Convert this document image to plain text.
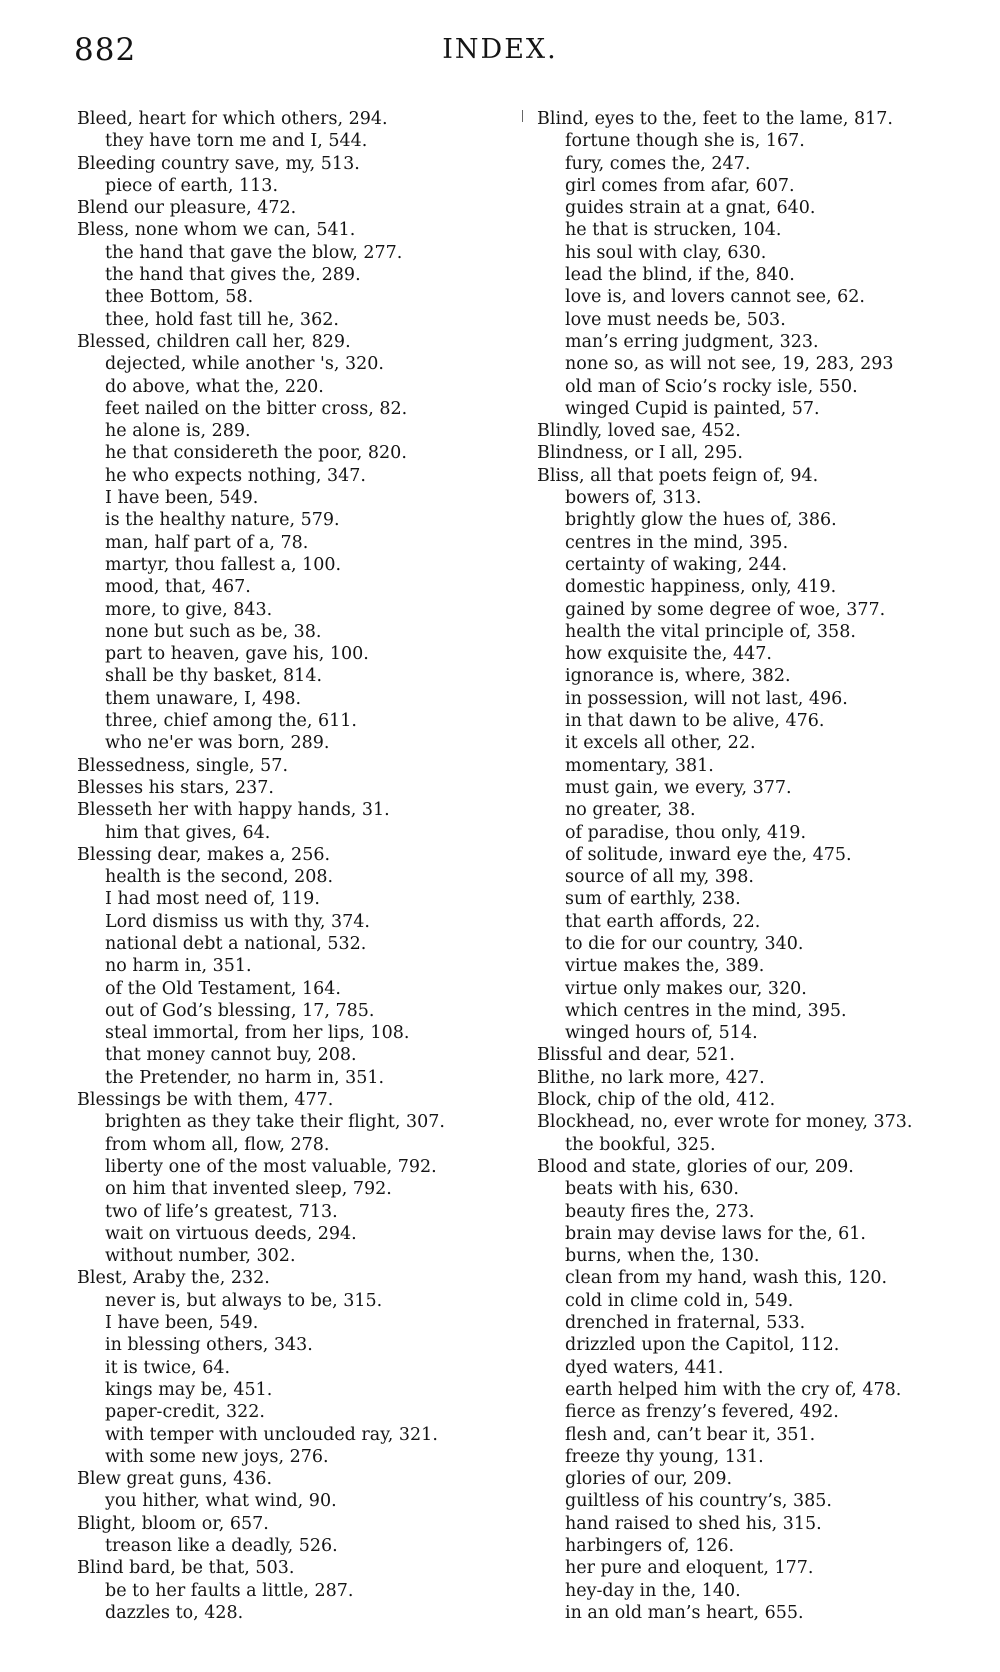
882	INDEX.
Bleed, heart for which others, 294.
they have torn me and I, 544.
Bleeding country save, my, 513.
piece of earth, 113.
Blend our pleasure, 472.
Bless, none whom we can, 541.
the hand that gave the blow, 277.
the hand that gives the, 289.
thee Bottom, 58.
thee, hold fast till he, 362.
Blessed, children call her, 829.
dejected, while another 's, 320.
do above, what the, 220.
feet nailed on the bitter cross, 82.
he alone is, 289.
he that considereth the poor, 820.
he who expects nothing, 347.
I have been, 549.
is the healthy nature, 579.
man, half part of a, 78.
martyr, thou fallest a, 100.
mood, that, 467.
more, to give, 843.
none but such as be, 38.
part to heaven, gave his, 100.
shall be thy basket, 814.
them unaware, I, 498.
three, chief among the, 611.
who ne'er was born, 289.
Blessedness, single, 57.
Blesses his stars, 237.
Blesseth her with happy hands, 31.
him that gives, 64.
Blessing dear, makes a, 256.
health is the second, 208.
I had most need of, 119.
Lord dismiss us with thy, 374.
national debt a national, 532.
no harm in, 351.
of the Old Testament, 164.
out of God’s blessing, 17, 785.
steal immortal, from her lips, 108.
that money cannot buy, 208.
the Pretender, no harm in, 351.
Blessings be with them, 477.
brighten as they take their flight, 307.
from whom all, flow, 278.
liberty one of the most valuable, 792.
on him that invented sleep, 792.
two of life’s greatest, 713.
wait on virtuous deeds, 294.
without number, 302.
Blest, Araby the, 232.
never is, but always to be, 315.
I have been, 549.
in blessing others, 343.
it is twice, 64.
kings may be, 451.
paper-credit, 322.
with temper with unclouded ray, 321.
with some new joys, 276.
Blew great guns, 436.
you hither, what wind, 90.
Blight, bloom or, 657.
treason like a deadly, 526.
Blind bard, be that, 503.
be to her faults a little, 287.
dazzles to, 428.
Blind, eyes to the, feet to the lame, 817.
fortune though she is, 167.
fury, comes the, 247.
girl comes from afar, 607.
guides strain at a gnat, 640.
he that is strucken, 104.
his soul with clay, 630.
lead the blind, if the, 840.
love is, and lovers cannot see, 62.
love must needs be, 503.
man’s erring judgment, 323.
none so, as will not see, 19, 283, 293
old man of Scio’s rocky isle, 550.
winged Cupid is painted, 57.
Blindly, loved sae, 452.
Blindness, or I all, 295.
Bliss, all that poets feign of, 94.
bowers of, 313.
brightly glow the hues of, 386.
centres in the mind, 395.
certainty of waking, 244.
domestic happiness, only, 419.
gained by some degree of woe, 377.
health the vital principle of, 358.
how exquisite the, 447.
ignorance is, where, 382.
in possession, will not last, 496.
in that dawn to be alive, 476.
it excels all other, 22.
momentary, 381.
must gain, we every, 377.
no greater, 38.
of paradise, thou only, 419.
of solitude, inward eye the, 475.
source of all my, 398.
sum of earthly, 238.
that earth affords, 22.
to die for our country, 340.
virtue makes the, 389.
virtue only makes our, 320.
which centres in the mind, 395.
winged hours of, 514.
Blissful and dear, 521.
Blithe, no lark more, 427.
Block, chip of the old, 412.
Blockhead, no, ever wrote for money, 373.
the bookful, 325.
Blood and state, glories of our, 209.
beats with his, 630.
beauty fires the, 273.
brain may devise laws for the, 61.
burns, when the, 130.
clean from my hand, wash this, 120.
cold in clime cold in, 549.
drenched in fraternal, 533.
drizzled upon the Capitol, 112.
dyed waters, 441.
earth helped him with the cry of, 478.
fierce as frenzy’s fevered, 492.
flesh and, can’t bear it, 351.
freeze thy young, 131.
glories of our, 209.
guiltless of his country’s, 385.
hand raised to shed his, 315.
harbingers of, 126.
her pure and eloquent, 177.
hey-day in the, 140.
in an old man’s heart, 655.
